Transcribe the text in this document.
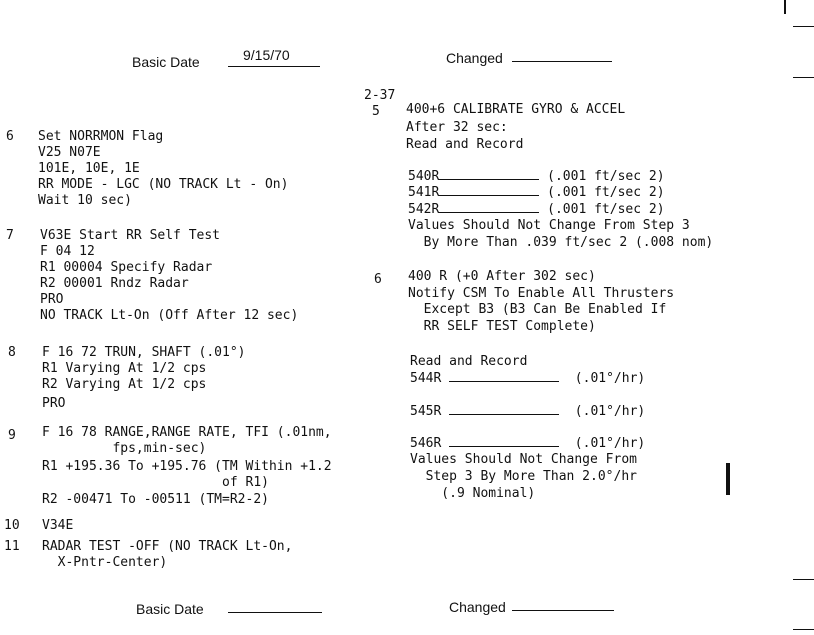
Basic Date	9/15/70	Changed
6 Set NORRMON Flag
V25 N07E
101E, 10E, 1E
RR MODE - LGC (NO TRACK Lt - On)
Wait 10 sec)
7 V63E Start RR Self Test
F 04 12
R1 00004 Specify Radar
R2 00001 Rndz Radar
PRO
NO TRACK Lt-On (Off After 12 sec)
8 F 16 72 TRUN, SHAFT (.01°)
R1 Varying At 1/2 cps
R2 Varying At 1/2 cps
PRO
9 F 16 78 RANGE,RANGE RATE, TFI (.01nm,
fps,min-sec)
R1 +195.36 To +195.76 (TM Within +1.2
of R1)
R2 -00471 To -00511 (TM=R2-2)
10 V34E
11 RADAR TEST -OFF (NO TRACK Lt-On,
X-Pntr-Center)
2-37
5 400+6 CALIBRATE GYRO & ACCEL
After 32 sec:
Read and Record
540R	(.001 ft/sec 2)
541R	(.001 ft/sec 2)
542R	(.001 ft/sec 2)
Values Should Not Change From Step 3
By More Than .039 ft/sec 2 (.008 nom)
6 400 R (+0 After 302 sec)
Notify CSM To Enable All Thrusters
Except B3 (B3 Can Be Enabled If
RR SELF TEST Complete)
Read and Record
544R	(.01°/hr)
545R	(.01°/hr)
546R	(.01°/hr)
Values Should Not Change From
Step 3 By More Than 2.0°/hr
(.9 Nominal)
Basic Date	Changed
